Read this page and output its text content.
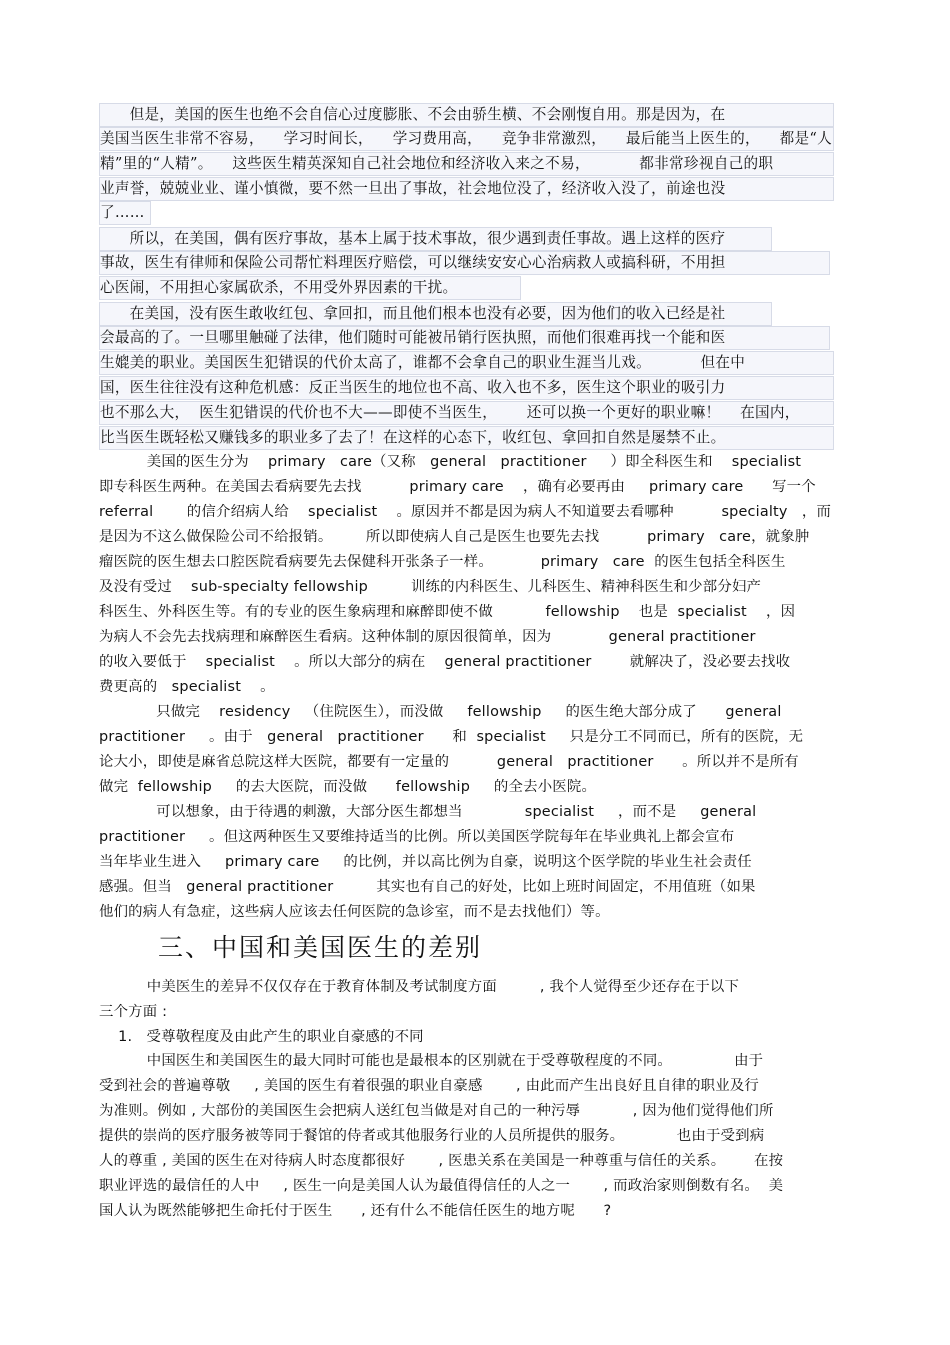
但是，美国的医生也绝不会自信心过度膨胀、不会由骄生横、不会刚愎自用。那是因为，在
美国当医生非常不容易，    学习时间长，    学习费用高，    竞争非常激烈，    最后能当上医生的，    都是“人
精”里的“人精”。    这些医生精英深知自己社会地位和经济收入来之不易，          都非常珍视自己的职
业声誉，兢兢业业、谨小慎微，要不然一旦出了事故，社会地位没了，经济收入没了，前途也没
了……
所以，在美国，偶有医疗事故，基本上属于技术事故，很少遇到责任事故。遇上这样的医疗
事故，医生有律师和保险公司帮忙料理医疗赔偿，可以继续安安心心治病救人或搞科研，不用担
心医闹，不用担心家属砍杀，不用受外界因素的干扰。
在美国，没有医生敢收红包、拿回扣，而且他们根本也没有必要，因为他们的收入已经是社
会最高的了。一旦哪里触碰了法律，他们随时可能被吊销行医执照，而他们很难再找一个能和医
生媲美的职业。美国医生犯错误的代价太高了，谁都不会拿自己的职业生涯当儿戏。          但在中
国，医生往往没有这种危机感：反正当医生的地位也不高、收入也不多，医生这个职业的吸引力
也不那么大，  医生犯错误的代价也不大——即使不当医生，      还可以换一个更好的职业嘛！    在国内，
比当医生既轻松又赚钱多的职业多了去了！在这样的心态下，收红包、拿回扣自然是屡禁不止。
美国的医生分为    primary   care（又称   general   practitioner     ）即全科医生和    specialist
即专科医生两种。在美国去看病要先去找          primary care    ，确有必要再由     primary care      写一个
referral       的信介绍病人给    specialist    。原因并不都是因为病人不知道要去看哪种          specialty   ，而
是因为不这么做保险公司不给报销。       所以即使病人自己是医生也要先去找          primary   care，就象肿
瘤医院的医生想去口腔医院看病要先去保健科开张条子一样。          primary   care  的医生包括全科医生
及没有受过    sub-specialty fellowship         训练的内科医生、儿科医生、精神科医生和少部分妇产
科医生、外科医生等。有的专业的医生象病理和麻醉即使不做           fellowship    也是  specialist    ，因
为病人不会先去找病理和麻醉医生看病。这种体制的原因很简单，因为            general practitioner
的收入要低于    specialist    。所以大部分的病在    general practitioner        就解决了，没必要去找收
费更高的   specialist    。
只做完    residency   （住院医生），而没做     fellowship     的医生绝大部分成了      general
practitioner     。由于   general   practitioner      和  specialist     只是分工不同而已，所有的医院，无
论大小，即使是麻省总院这样大医院，都要有一定量的          general   practitioner      。所以并不是所有
做完  fellowship     的去大医院，而没做      fellowship     的全去小医院。
可以想象，由于待遇的刺激，大部分医生都想当             specialist     ，而不是     general
practitioner     。但这两种医生又要维持适当的比例。所以美国医学院每年在毕业典礼上都会宣布
当年毕业生进入     primary care     的比例，并以高比例为自豪，说明这个医学院的毕业生社会责任
感强。但当   general practitioner         其实也有自己的好处，比如上班时间固定，不用值班（如果
他们的病人有急症，这些病人应该去任何医院的急诊室，而不是去找他们）等。
三、中国和美国医生的差别
中美医生的差异不仅仅存在于教育体制及考试制度方面         , 我个人觉得至少还存在于以下
三个方面 :
1.   受尊敬程度及由此产生的职业自豪感的不同
中国医生和美国医生的最大同时可能也是最根本的区别就在于受尊敬程度的不同。             由于
受到社会的普遍尊敬     , 美国的医生有着很强的职业自豪感       , 由此而产生出良好且自律的职业及行
为准则。例如 , 大部份的美国医生会把病人送红包当做是对自己的一种污辱           , 因为他们觉得他们所
提供的崇尚的医疗服务被等同于餐馆的侍者或其他服务行业的人员所提供的服务。           也由于受到病
人的尊重 , 美国的医生在对待病人时态度都很好       , 医患关系在美国是一种尊重与信任的关系。      在按
职业评选的最信任的人中     , 医生一向是美国人认为最值得信任的人之一       , 而政治家则倒数有名。  美
国人认为既然能够把生命托付于医生      , 还有什么不能信任医生的地方呢      ?
